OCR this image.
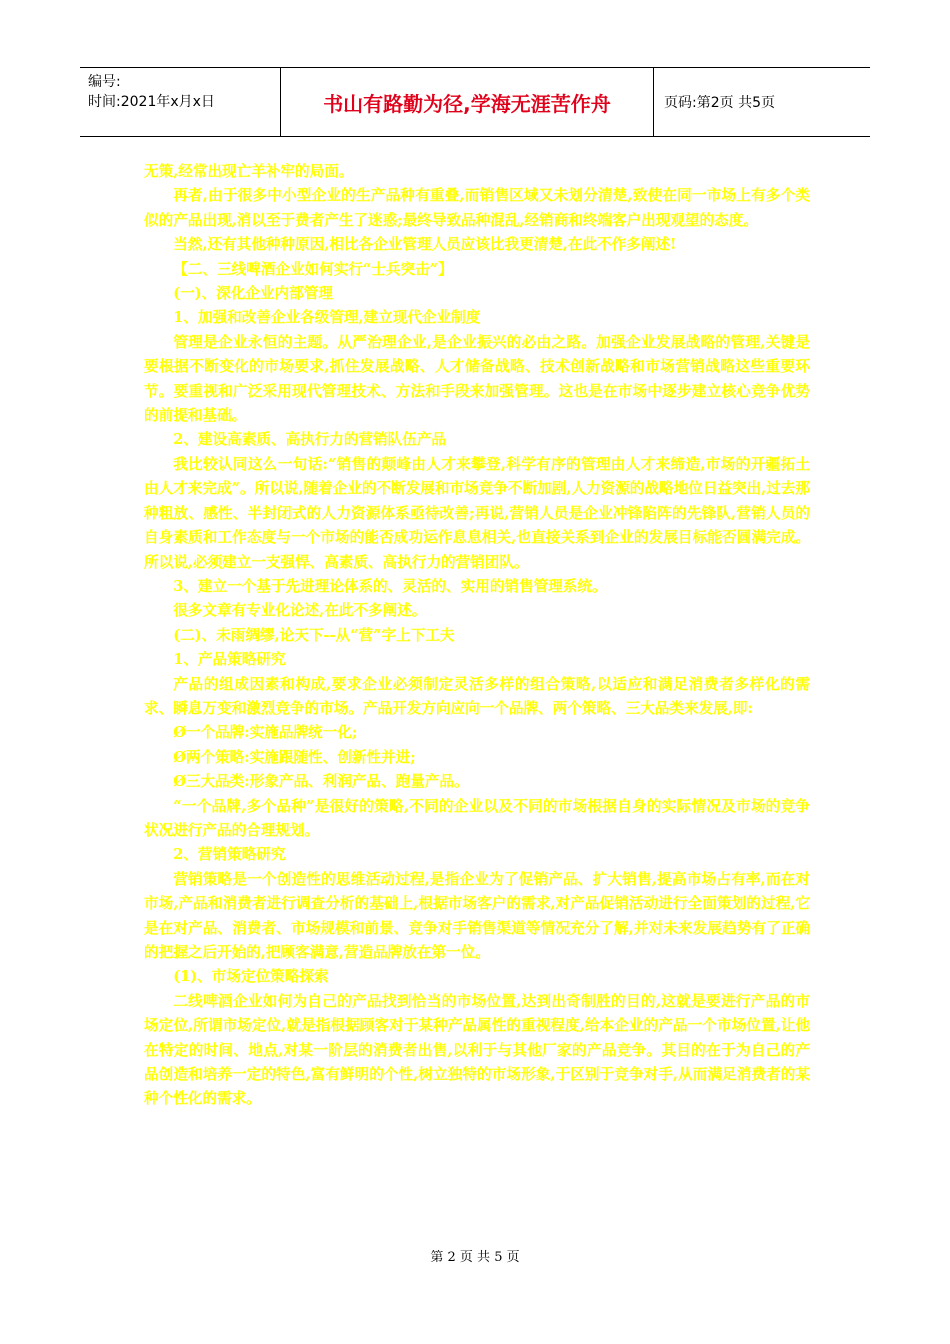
编号:
时间:2021年x月x日	书山有路勤为径,学海无涯苦作舟	页码:第2页 共5页

无策,经常出现亡羊补牢的局面。

再者,由于很多中小型企业的生产品种有重叠,而销售区域又未划分清楚,致使在同一市场上有多个类似的产品出现,消以至于费者产生了迷惑;最终导致品种混乱,经销商和终端客户出现观望的态度。

当然,还有其他种种原因,相比各企业管理人员应该比我更清楚,在此不作多阐述!

【二、三线啤酒企业如何实行“士兵突击”】

(一)、深化企业内部管理

1、加强和改善企业各级管理,建立现代企业制度

管理是企业永恒的主题。从严治理企业,是企业振兴的必由之路。加强企业发展战略的管理,关键是要根据不断变化的市场要求,抓住发展战略、人才储备战略、技术创新战略和市场营销战略这些重要环节。要重视和广泛采用现代管理技术、方法和手段来加强管理。这也是在市场中逐步建立核心竞争优势的前提和基础。

2、建设高素质、高执行力的营销队伍产品

我比较认同这么一句话:“销售的颠峰由人才来攀登,科学有序的管理由人才来缔造,市场的开疆拓土由人才来完成”。所以说,随着企业的不断发展和市场竞争不断加剧,人力资源的战略地位日益突出,过去那种粗放、感性、半封闭式的人力资源体系亟待改善;再说,营销人员是企业冲锋陷阵的先锋队,营销人员的自身素质和工作态度与一个市场的能否成功运作息息相关,也直接关系到企业的发展目标能否圆满完成。所以说,必须建立一支强悍、高素质、高执行力的营销团队。

3、建立一个基于先进理论体系的、灵活的、实用的销售管理系统。

很多文章有专业化论述,在此不多阐述。

(二)、未雨绸缪,论天下--从“营”字上下工夫

1、产品策略研究

产品的组成因素和构成,要求企业必须制定灵活多样的组合策略,以适应和满足消费者多样化的需求、瞬息万变和激烈竞争的市场。产品开发方向应向一个品牌、两个策略、三大品类来发展,即:

Ø一个品牌:实施品牌统一化;

Ø两个策略:实施跟随性、创新性并进;

Ø三大品类:形象产品、利润产品、跑量产品。

“一个品牌,多个品种”是很好的策略,不同的企业以及不同的市场根据自身的实际情况及市场的竞争状况进行产品的合理规划。

2、营销策略研究

营销策略是一个创造性的思维活动过程,是指企业为了促销产品、扩大销售,提高市场占有率,而在对市场,产品和消费者进行调查分析的基础上,根据市场客户的需求,对产品促销活动进行全面策划的过程,它是在对产品、消费者、市场规模和前景、竞争对手销售渠道等情况充分了解,并对未来发展趋势有了正确的把握之后开始的,把顾客满意,营造品牌放在第一位。

(1)、市场定位策略探索

二线啤酒企业如何为自己的产品找到恰当的市场位置,达到出奇制胜的目的,这就是要进行产品的市场定位,所谓市场定位,就是指根据顾客对于某种产品属性的重视程度,给本企业的产品一个市场位置,让他在特定的时间、地点,对某一阶层的消费者出售,以利于与其他厂家的产品竞争。其目的在于为自己的产品创造和培养一定的特色,富有鲜明的个性,树立独特的市场形象,于区别于竞争对手,从而满足消费者的某种个性化的需求。

第 2 页 共 5 页
